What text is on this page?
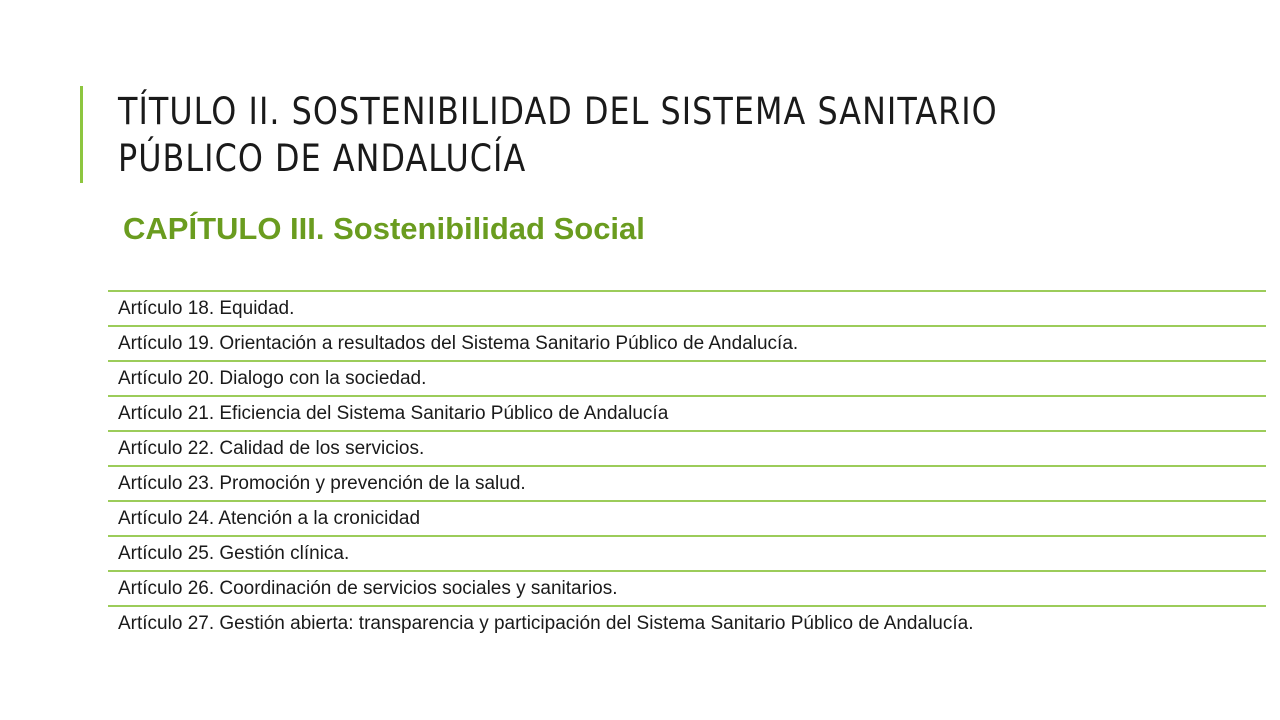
TÍTULO II. SOSTENIBILIDAD DEL SISTEMA SANITARIO
PÚBLICO DE ANDALUCÍA
CAPÍTULO III. Sostenibilidad Social
Artículo 18. Equidad.
Artículo 19. Orientación a resultados del Sistema Sanitario Público de Andalucía.
Artículo 20. Dialogo con la sociedad.
Artículo 21. Eficiencia del Sistema Sanitario Público de Andalucía
Artículo 22. Calidad de los servicios.
Artículo 23. Promoción y prevención de la salud.
Artículo 24. Atención a la cronicidad
Artículo 25. Gestión clínica.
Artículo 26. Coordinación de servicios sociales y sanitarios.
Artículo 27. Gestión abierta: transparencia y participación del Sistema Sanitario Público de Andalucía.
